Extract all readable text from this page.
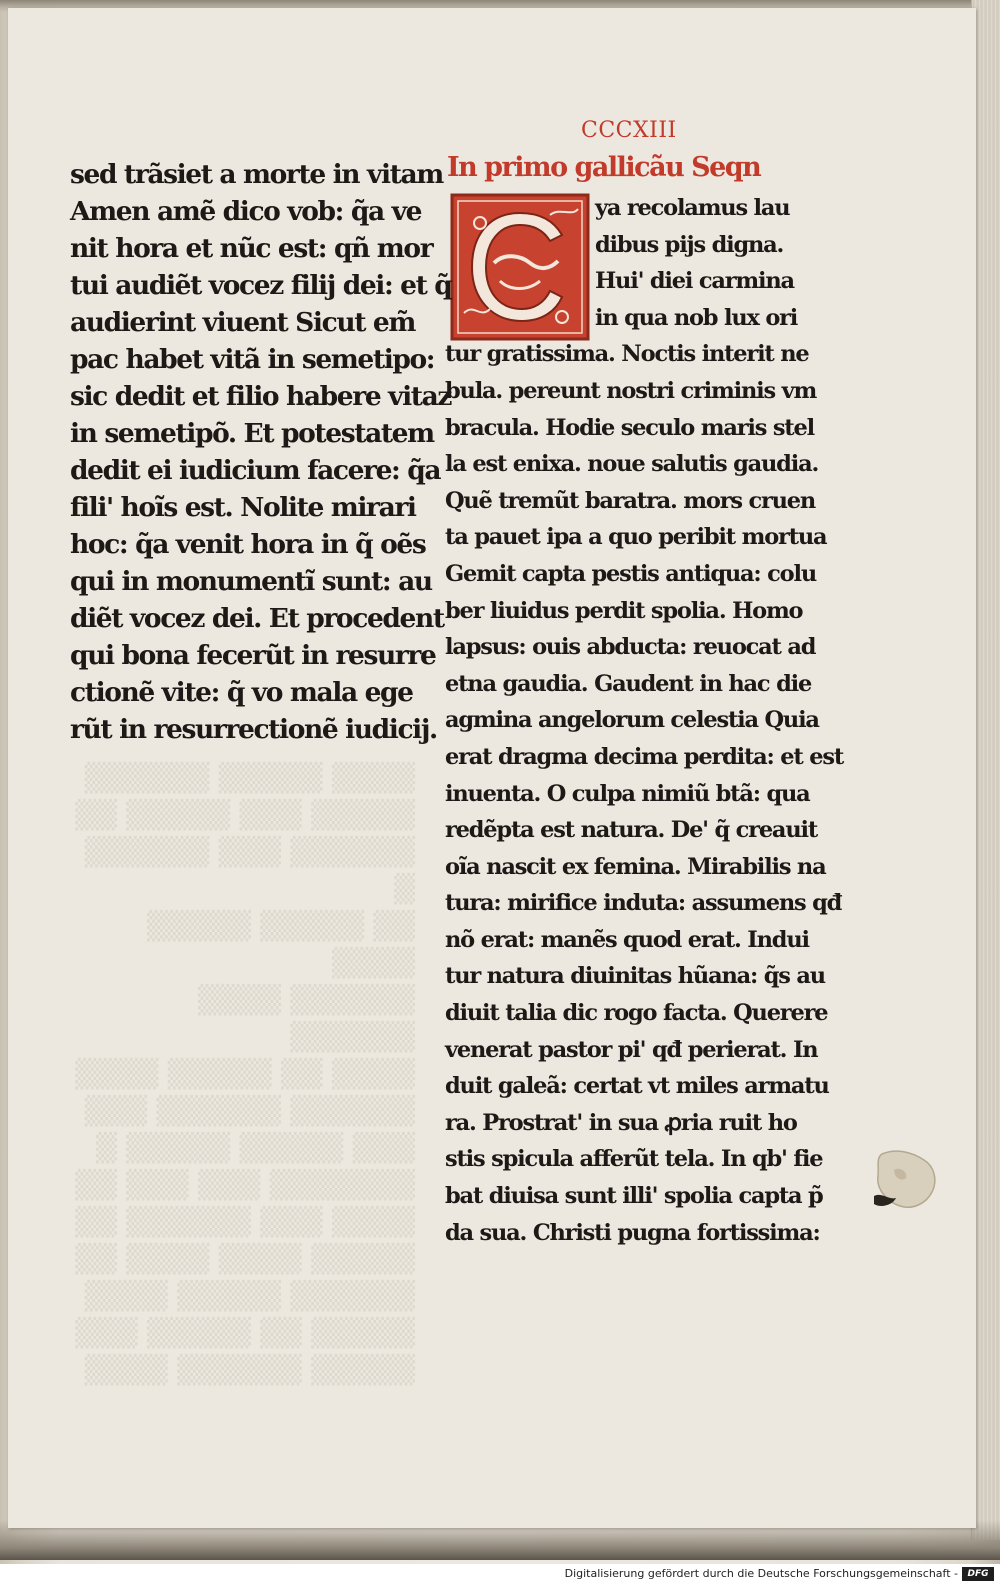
▒▒▒▒ ▒▒▒▒▒ ▒▒▒▒▒▒
▒▒▒▒▒ ▒▒▒ ▒▒▒▒▒ ▒▒
▒▒▒▒▒▒ ▒▒▒ ▒▒▒▒▒▒ ▒
▒▒ ▒▒▒▒▒ ▒▒▒▒▒ ▒▒▒▒
▒▒▒▒▒▒ ▒▒▒▒ ▒▒▒▒▒▒
▒▒▒▒ ▒▒ ▒▒▒▒▒ ▒▒▒▒
▒▒▒▒▒▒ ▒▒▒▒▒▒ ▒▒▒
▒▒▒ ▒▒▒▒▒ ▒▒▒▒▒ ▒
▒▒▒▒▒▒▒ ▒▒▒ ▒▒▒ ▒▒
▒▒▒▒ ▒▒▒ ▒▒▒▒▒▒ ▒▒
▒▒▒▒▒ ▒▒▒▒ ▒▒▒▒ ▒▒
▒▒▒▒▒▒ ▒▒▒▒▒ ▒▒▒▒
▒▒▒▒▒ ▒▒ ▒▒▒▒▒ ▒▒▒
▒▒▒▒▒ ▒▒▒▒▒▒ ▒▒▒▒
CCCXIII
In primo gallicãu Seqn
sed trãsiet a morte in vitam
Amen amẽ dico vob: q̃a ve
nit hora et nũc est: qñ mor
tui audiẽt vocez filij dei: et q̃
audierint viuent Sicut em̃
pac habet vitã in semetipo:
sic dedit et filio habere vitaz
in semetipõ. Et potestatem
dedit ei iudicium facere: q̃a
fili' hoĩs est. Nolite mirari
hoc: q̃a venit hora in q̃ oẽs
qui in monumentĩ sunt: au
diẽt vocez dei. Et procedent
qui bona fecerũt in resurre
ctionẽ vite: q̃ vo mala ege
rũt in resurrectionẽ iudicij.
ya recolamus lau
dibus pijs digna.
Hui' diei carmina
in qua nob lux ori
tur gratissima. Noctis interit ne
bula. pereunt nostri criminis vm
bracula. Hodie seculo maris stel
la est enixa. noue salutis gaudia.
Quẽ tremũt baratra. mors cruen
ta pauet ipa a quo peribit mortua
Gemit capta pestis antiqua: colu
ber liuidus perdit spolia. Homo
lapsus: ouis abducta: reuocat ad
etna gaudia. Gaudent in hac die
agmina angelorum celestia Quia
erat dragma decima perdita: et est
inuenta. O culpa nimiũ btã: qua
redẽpta est natura. De' q̃ creauit
oĩa nascit ex femina. Mirabilis na
tura: mirifice induta: assumens qđ
nõ erat: manẽs quod erat. Indui
tur natura diuinitas hũana: q̃s au
diuit talia dic rogo facta. Querere
venerat pastor pi' qđ perierat. In
duit galeã: certat vt miles armatu
ra. Prostrat' in sua ꝓria ruit ho
stis spicula afferũt tela. In qb' fie
bat diuisa sunt illi' spolia capta p̃
da sua. Christi pugna fortissima:
Digitalisierung gefördert durch die Deutsche Forschungsgemeinschaft -	DFG
